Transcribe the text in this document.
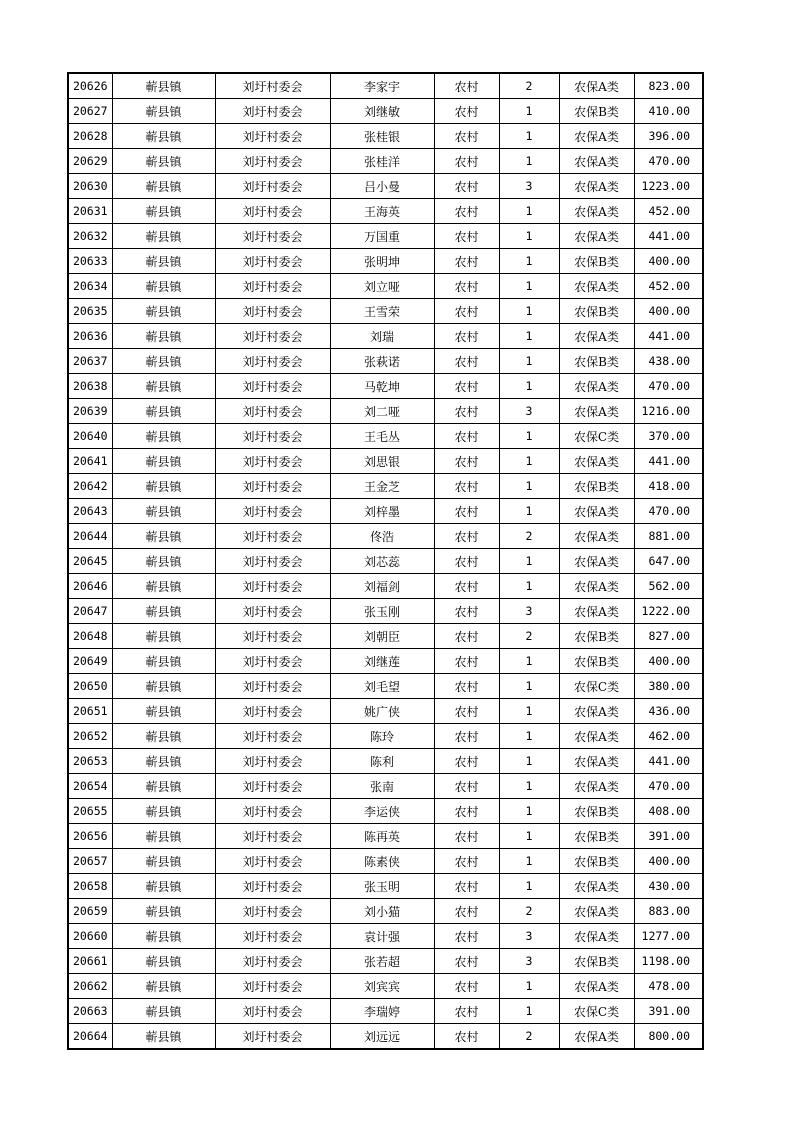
20626	蕲县镇	刘圩村委会	李家宇	农村	2	农保A类	823.00
20627	蕲县镇	刘圩村委会	刘继敏	农村	1	农保B类	410.00
20628	蕲县镇	刘圩村委会	张桂银	农村	1	农保A类	396.00
20629	蕲县镇	刘圩村委会	张桂洋	农村	1	农保A类	470.00
20630	蕲县镇	刘圩村委会	吕小曼	农村	3	农保A类	1223.00
20631	蕲县镇	刘圩村委会	王海英	农村	1	农保A类	452.00
20632	蕲县镇	刘圩村委会	万国重	农村	1	农保A类	441.00
20633	蕲县镇	刘圩村委会	张明坤	农村	1	农保B类	400.00
20634	蕲县镇	刘圩村委会	刘立哑	农村	1	农保A类	452.00
20635	蕲县镇	刘圩村委会	王雪荣	农村	1	农保B类	400.00
20636	蕲县镇	刘圩村委会	刘瑞	农村	1	农保A类	441.00
20637	蕲县镇	刘圩村委会	张萩诺	农村	1	农保B类	438.00
20638	蕲县镇	刘圩村委会	马乾坤	农村	1	农保A类	470.00
20639	蕲县镇	刘圩村委会	刘二哑	农村	3	农保A类	1216.00
20640	蕲县镇	刘圩村委会	王毛丛	农村	1	农保C类	370.00
20641	蕲县镇	刘圩村委会	刘思银	农村	1	农保A类	441.00
20642	蕲县镇	刘圩村委会	王金芝	农村	1	农保B类	418.00
20643	蕲县镇	刘圩村委会	刘梓墨	农村	1	农保A类	470.00
20644	蕲县镇	刘圩村委会	佟浩	农村	2	农保A类	881.00
20645	蕲县镇	刘圩村委会	刘芯蕊	农村	1	农保A类	647.00
20646	蕲县镇	刘圩村委会	刘福剑	农村	1	农保A类	562.00
20647	蕲县镇	刘圩村委会	张玉刚	农村	3	农保A类	1222.00
20648	蕲县镇	刘圩村委会	刘朝臣	农村	2	农保B类	827.00
20649	蕲县镇	刘圩村委会	刘继莲	农村	1	农保B类	400.00
20650	蕲县镇	刘圩村委会	刘毛望	农村	1	农保C类	380.00
20651	蕲县镇	刘圩村委会	姚广侠	农村	1	农保A类	436.00
20652	蕲县镇	刘圩村委会	陈玲	农村	1	农保A类	462.00
20653	蕲县镇	刘圩村委会	陈利	农村	1	农保A类	441.00
20654	蕲县镇	刘圩村委会	张南	农村	1	农保A类	470.00
20655	蕲县镇	刘圩村委会	李运侠	农村	1	农保B类	408.00
20656	蕲县镇	刘圩村委会	陈再英	农村	1	农保B类	391.00
20657	蕲县镇	刘圩村委会	陈素侠	农村	1	农保B类	400.00
20658	蕲县镇	刘圩村委会	张玉明	农村	1	农保A类	430.00
20659	蕲县镇	刘圩村委会	刘小猫	农村	2	农保A类	883.00
20660	蕲县镇	刘圩村委会	袁计强	农村	3	农保A类	1277.00
20661	蕲县镇	刘圩村委会	张若超	农村	3	农保B类	1198.00
20662	蕲县镇	刘圩村委会	刘宾宾	农村	1	农保A类	478.00
20663	蕲县镇	刘圩村委会	李瑞婷	农村	1	农保C类	391.00
20664	蕲县镇	刘圩村委会	刘远远	农村	2	农保A类	800.00
